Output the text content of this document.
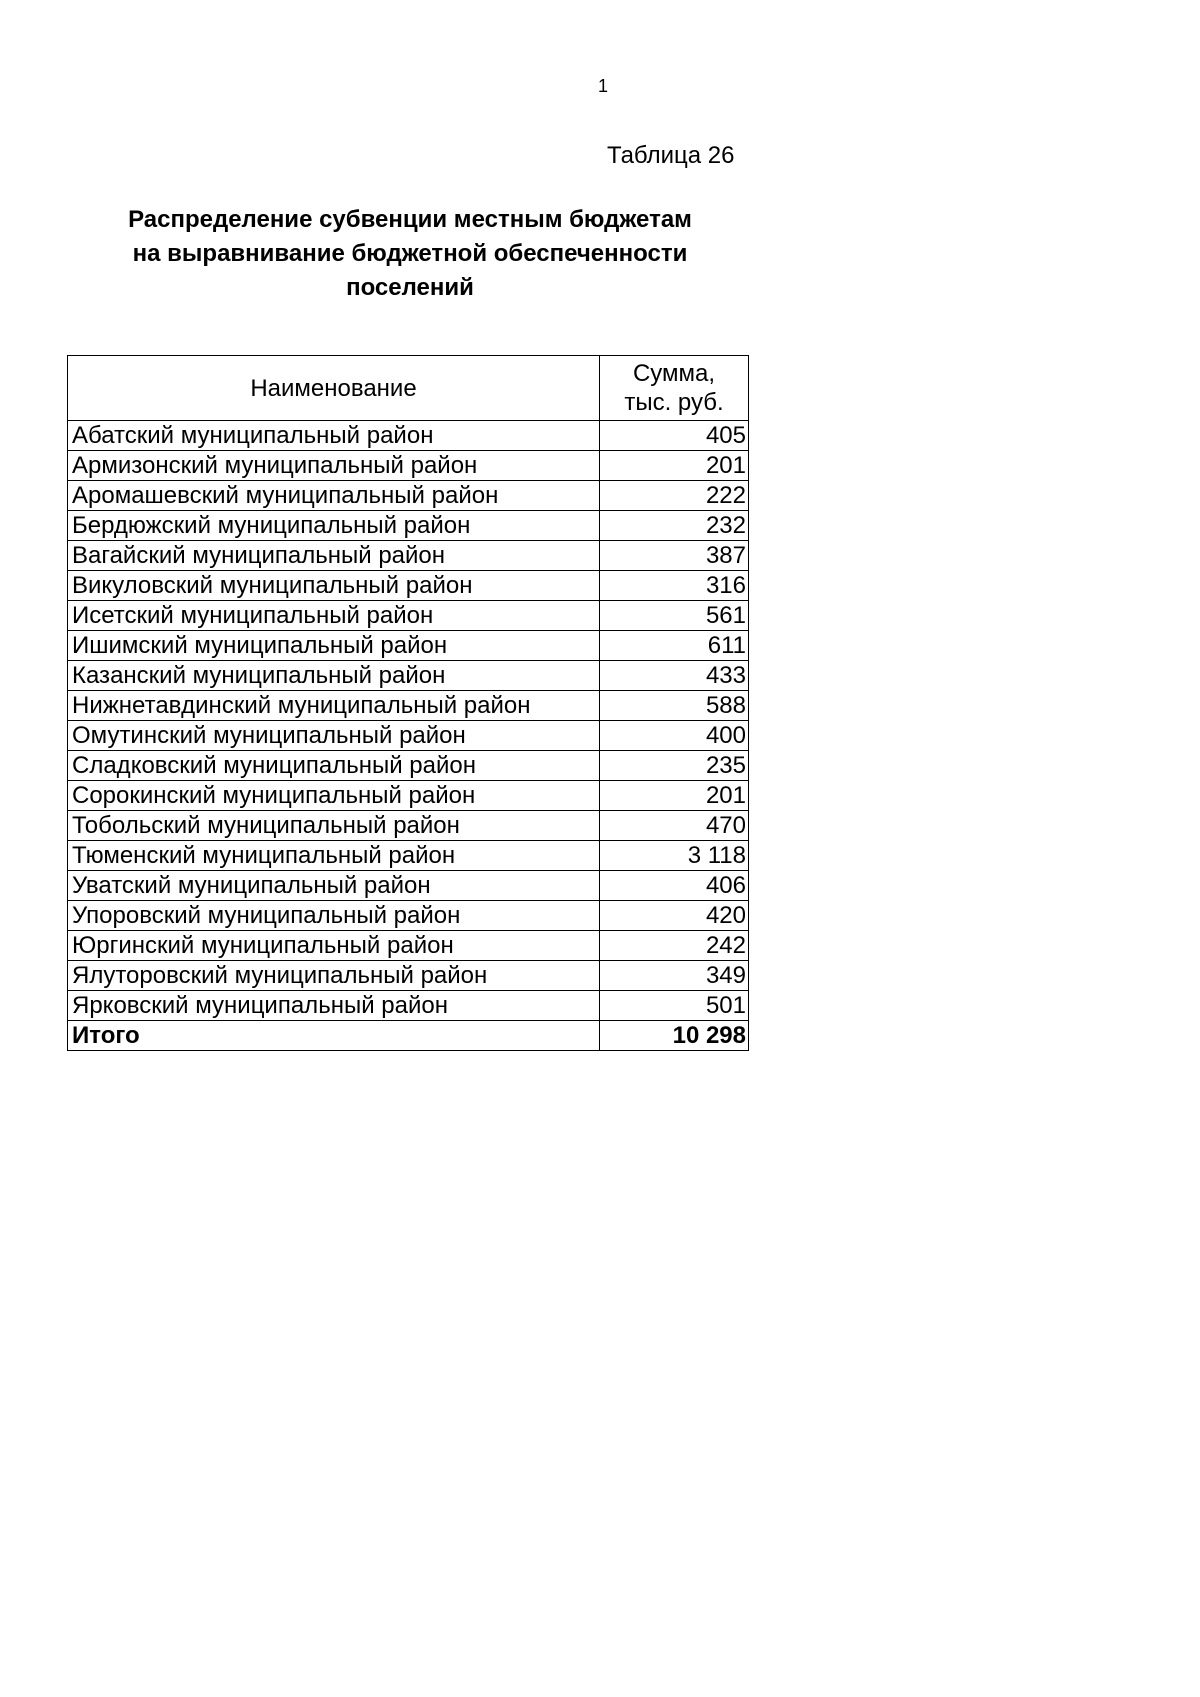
1
Таблица 26
Распределение субвенции местным бюджетам
на выравнивание бюджетной обеспеченности
поселений
Наименование	Сумма,
тыс. руб.
Абатский муниципальный район	405
Армизонский муниципальный район	201
Аромашевский муниципальный район	222
Бердюжский муниципальный район	232
Вагайский муниципальный район	387
Викуловский муниципальный район	316
Исетский муниципальный район	561
Ишимский муниципальный район	611
Казанский муниципальный район	433
Нижнетавдинский муниципальный район	588
Омутинский муниципальный район	400
Сладковский муниципальный район	235
Сорокинский муниципальный район	201
Тобольский муниципальный район	470
Тюменский муниципальный район	3 118
Уватский муниципальный район	406
Упоровский муниципальный район	420
Юргинский муниципальный район	242
Ялуторовский муниципальный район	349
Ярковский муниципальный район	501
Итого	10 298
